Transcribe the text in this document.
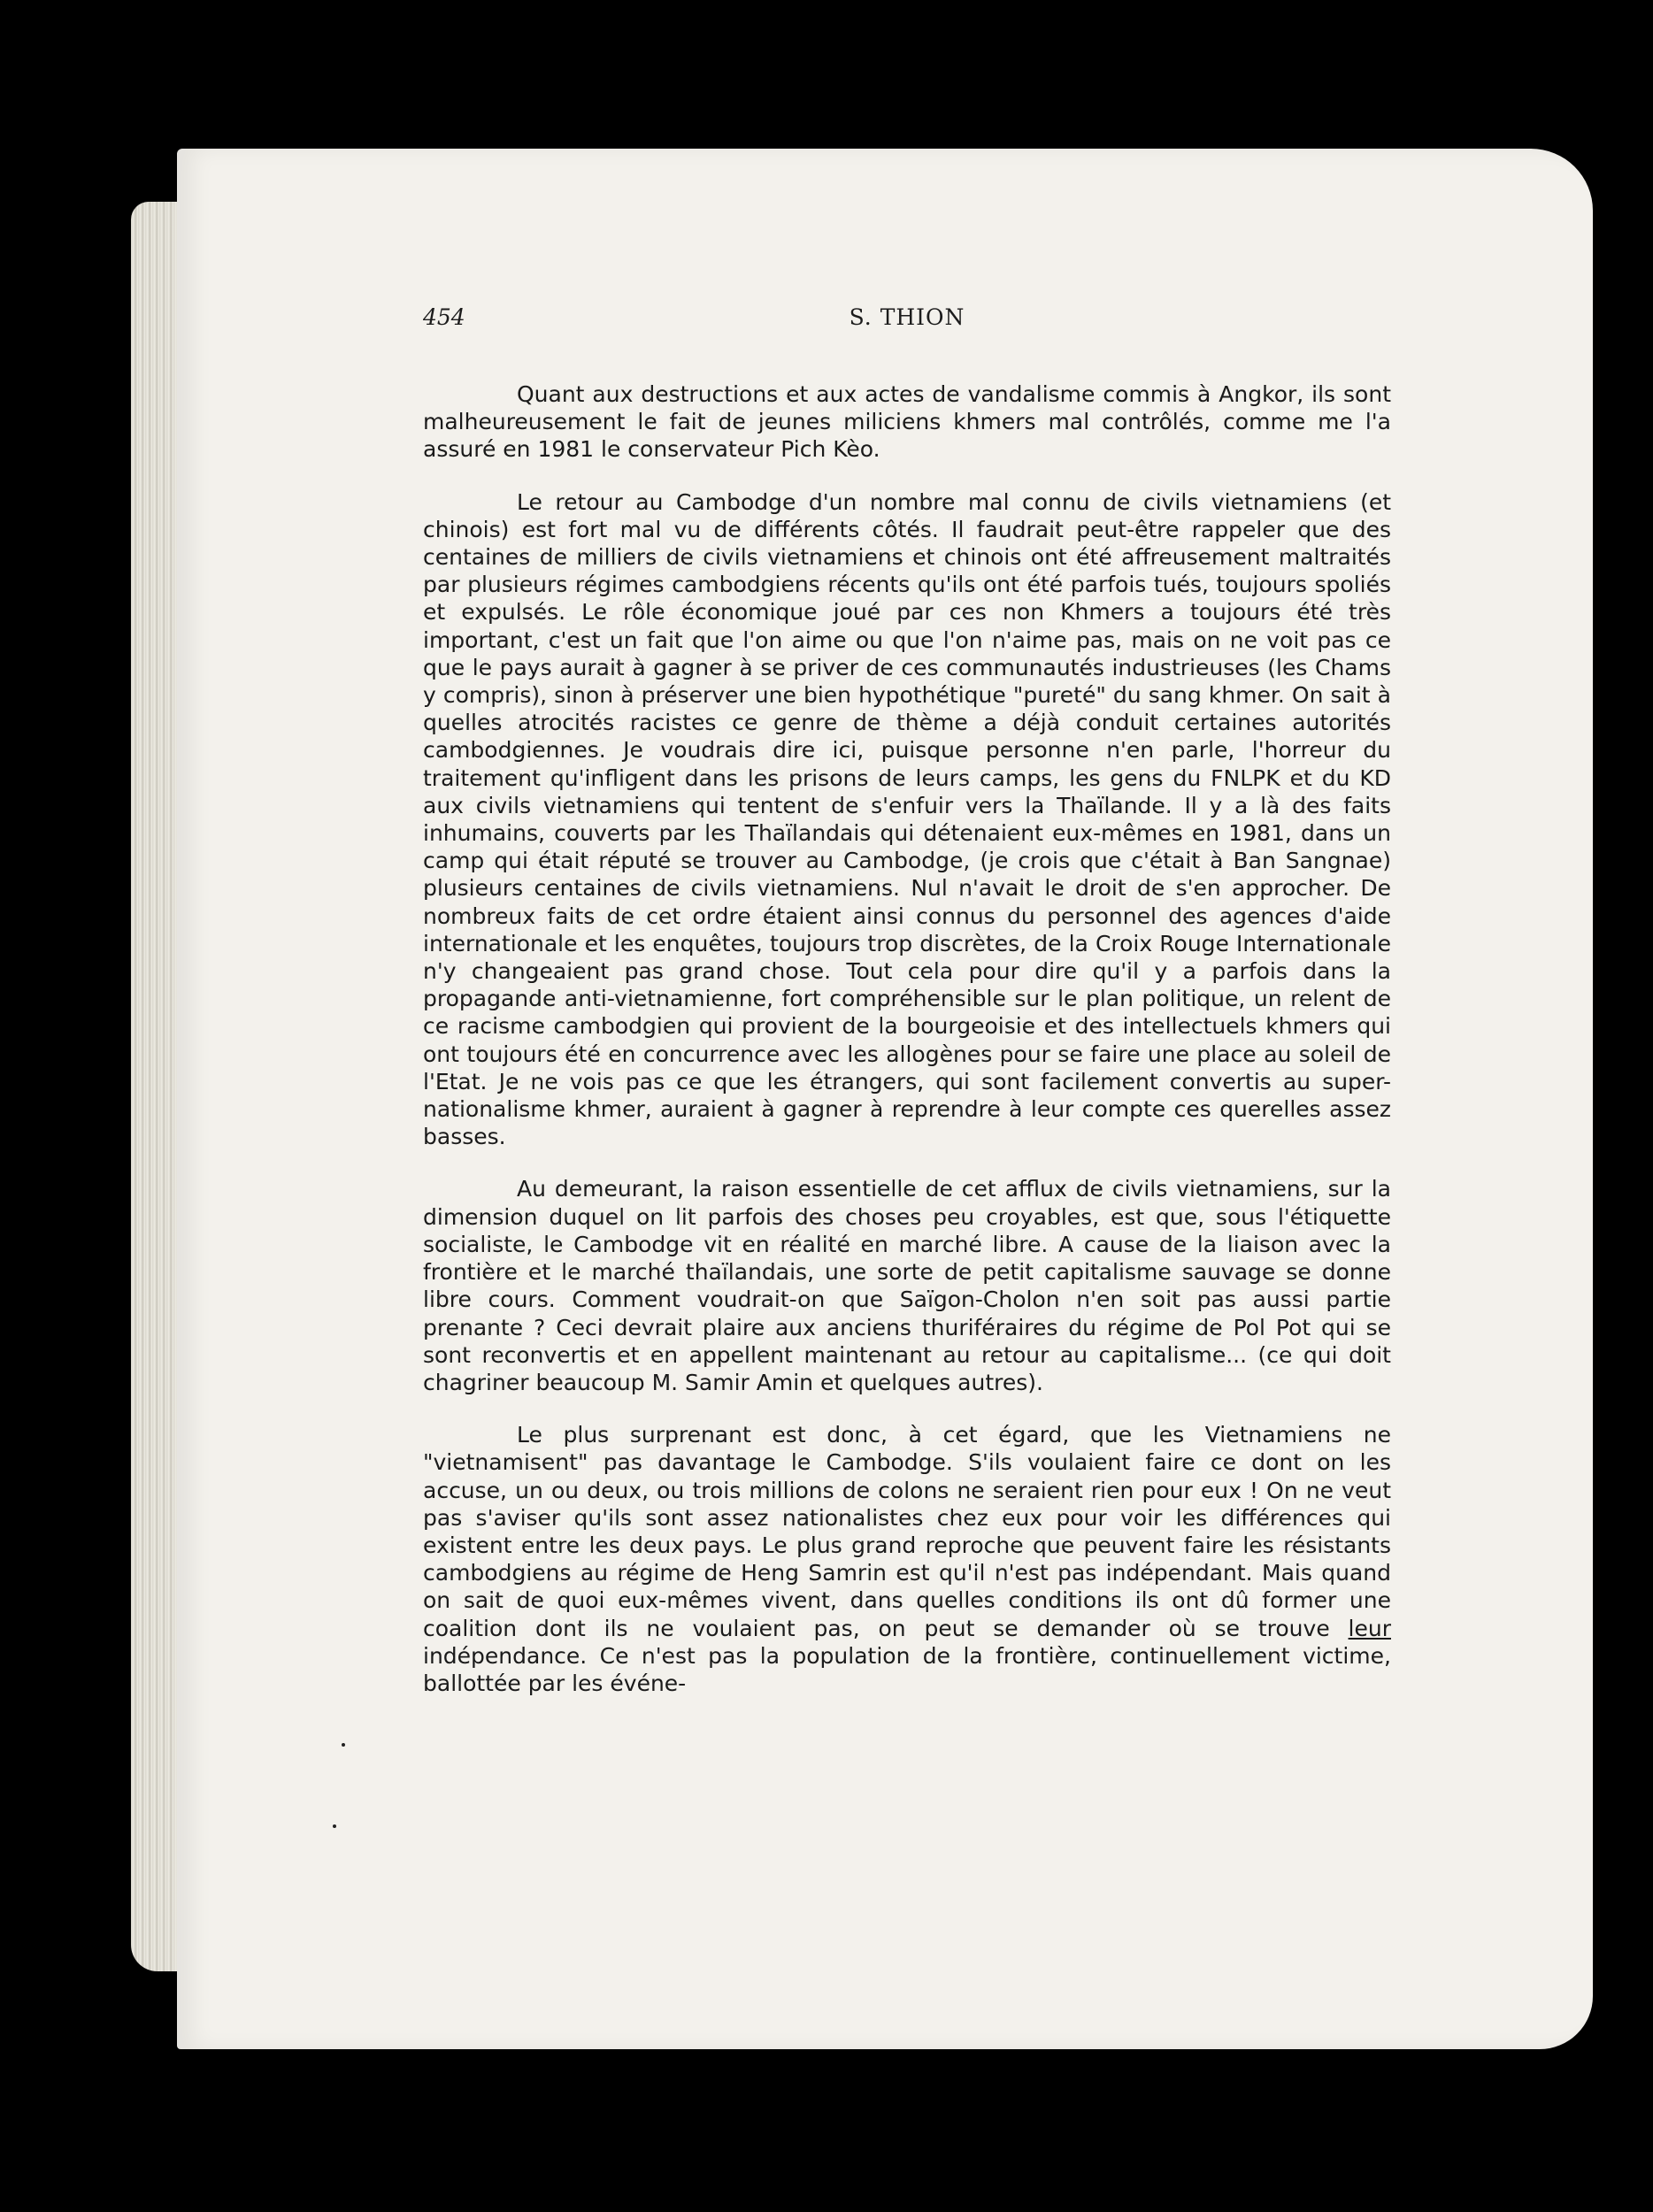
454	S. THION

Quant aux destructions et aux actes de vandalisme commis à Angkor, ils sont malheureusement le fait de jeunes miliciens khmers mal contrôlés, comme me l'a assuré en 1981 le conservateur Pich Kèo.

Le retour au Cambodge d'un nombre mal connu de civils vietnamiens (et chinois) est fort mal vu de différents côtés. Il faudrait peut-être rappeler que des centaines de milliers de civils vietnamiens et chinois ont été affreusement maltraités par plusieurs régimes cambodgiens récents qu'ils ont été parfois tués, toujours spoliés et expulsés. Le rôle économique joué par ces non Khmers a toujours été très important, c'est un fait que l'on aime ou que l'on n'aime pas, mais on ne voit pas ce que le pays aurait à gagner à se priver de ces communautés industrieuses (les Chams y compris), sinon à préserver une bien hypothétique "pureté" du sang khmer. On sait à quelles atrocités racistes ce genre de thème a déjà conduit certaines autorités cambodgiennes. Je voudrais dire ici, puisque personne n'en parle, l'horreur du traitement qu'infligent dans les prisons de leurs camps, les gens du FNLPK et du KD aux civils vietnamiens qui tentent de s'enfuir vers la Thaïlande. Il y a là des faits inhumains, couverts par les Thaïlandais qui détenaient eux-mêmes en 1981, dans un camp qui était réputé se trouver au Cambodge, (je crois que c'était à Ban Sangnae) plusieurs centaines de civils vietnamiens. Nul n'avait le droit de s'en approcher. De nombreux faits de cet ordre étaient ainsi connus du personnel des agences d'aide internationale et les enquêtes, toujours trop discrètes, de la Croix Rouge Internationale n'y changeaient pas grand chose. Tout cela pour dire qu'il y a parfois dans la propagande anti-vietnamienne, fort compréhensible sur le plan politique, un relent de ce racisme cambodgien qui provient de la bourgeoisie et des intellectuels khmers qui ont toujours été en concurrence avec les allogènes pour se faire une place au soleil de l'Etat. Je ne vois pas ce que les étrangers, qui sont facilement convertis au super-nationalisme khmer, auraient à gagner à reprendre à leur compte ces querelles assez basses.

Au demeurant, la raison essentielle de cet afflux de civils vietnamiens, sur la dimension duquel on lit parfois des choses peu croyables, est que, sous l'étiquette socialiste, le Cambodge vit en réalité en marché libre. A cause de la liaison avec la frontière et le marché thaïlandais, une sorte de petit capitalisme sauvage se donne libre cours. Comment voudrait-on que Saïgon-Cholon n'en soit pas aussi partie prenante ? Ceci devrait plaire aux anciens thuriféraires du régime de Pol Pot qui se sont reconvertis et en appellent maintenant au retour au capitalisme... (ce qui doit chagriner beaucoup M. Samir Amin et quelques autres).

Le plus surprenant est donc, à cet égard, que les Vietnamiens ne "vietnamisent" pas davantage le Cambodge. S'ils voulaient faire ce dont on les accuse, un ou deux, ou trois millions de colons ne seraient rien pour eux ! On ne veut pas s'aviser qu'ils sont assez nationalistes chez eux pour voir les différences qui existent entre les deux pays. Le plus grand reproche que peuvent faire les résistants cambodgiens au régime de Heng Samrin est qu'il n'est pas indépendant. Mais quand on sait de quoi eux-mêmes vivent, dans quelles conditions ils ont dû former une coalition dont ils ne voulaient pas, on peut se demander où se trouve leur indépendance. Ce n'est pas la population de la frontière, continuellement victime, ballottée par les événe-
